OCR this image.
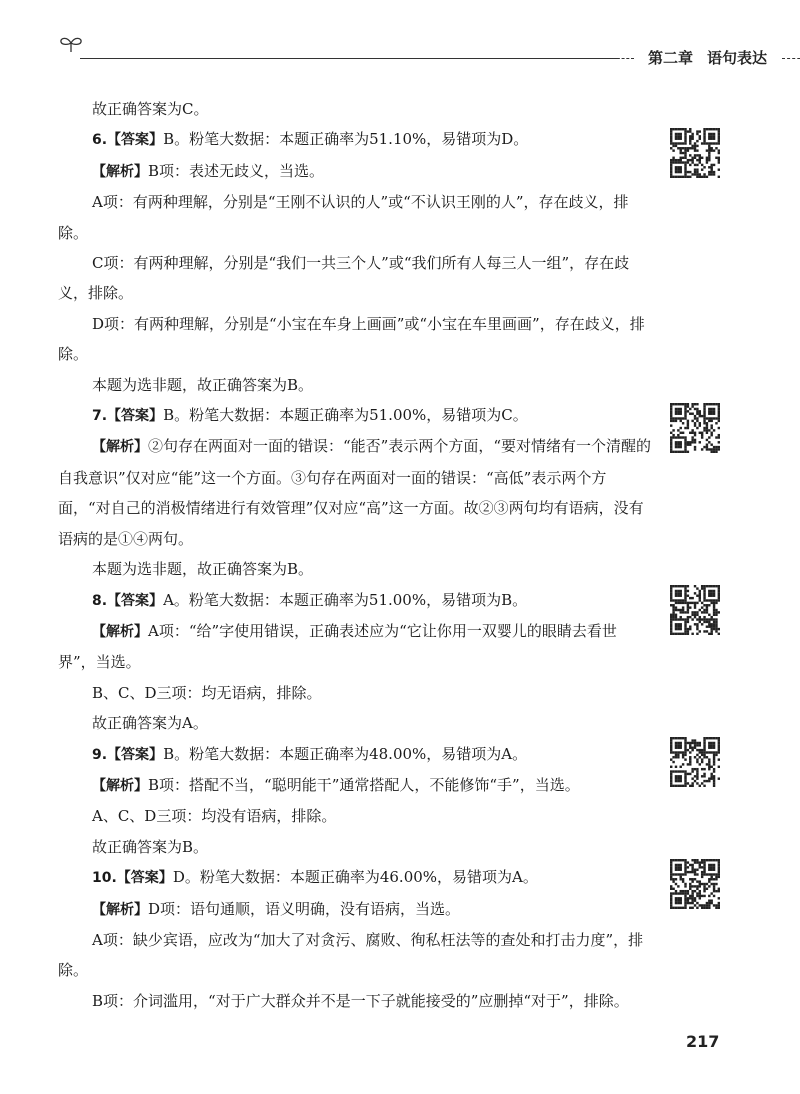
第二章 语句表达

故正确答案为C。

6.【答案】B。粉笔大数据：本题正确率为51.10%，易错项为D。

【解析】B项：表述无歧义，当选。

A项：有两种理解，分别是“王刚不认识的人”或“不认识王刚的人”，存在歧义，排除。

C项：有两种理解，分别是“我们一共三个人”或“我们所有人每三人一组”，存在歧义，排除。

D项：有两种理解，分别是“小宝在车身上画画”或“小宝在车里画画”，存在歧义，排除。

本题为选非题，故正确答案为B。

7.【答案】B。粉笔大数据：本题正确率为51.00%，易错项为C。

【解析】②句存在两面对一面的错误：“能否”表示两个方面，“要对情绪有一个清醒的自我意识”仅对应“能”这一个方面。③句存在两面对一面的错误：“高低”表示两个方面，“对自己的消极情绪进行有效管理”仅对应“高”这一方面。故②③两句均有语病，没有语病的是①④两句。

本题为选非题，故正确答案为B。

8.【答案】A。粉笔大数据：本题正确率为51.00%，易错项为B。

【解析】A项：“给”字使用错误，正确表述应为“它让你用一双婴儿的眼睛去看世界”，当选。

B、C、D三项：均无语病，排除。

故正确答案为A。

9.【答案】B。粉笔大数据：本题正确率为48.00%，易错项为A。

【解析】B项：搭配不当，“聪明能干”通常搭配人，不能修饰“手”，当选。

A、C、D三项：均没有语病，排除。

故正确答案为B。

10.【答案】D。粉笔大数据：本题正确率为46.00%，易错项为A。

【解析】D项：语句通顺，语义明确，没有语病，当选。

A项：缺少宾语，应改为“加大了对贪污、腐败、徇私枉法等的查处和打击力度”，排除。

B项：介词滥用，“对于广大群众并不是一下子就能接受的”应删掉“对于”，排除。

217
